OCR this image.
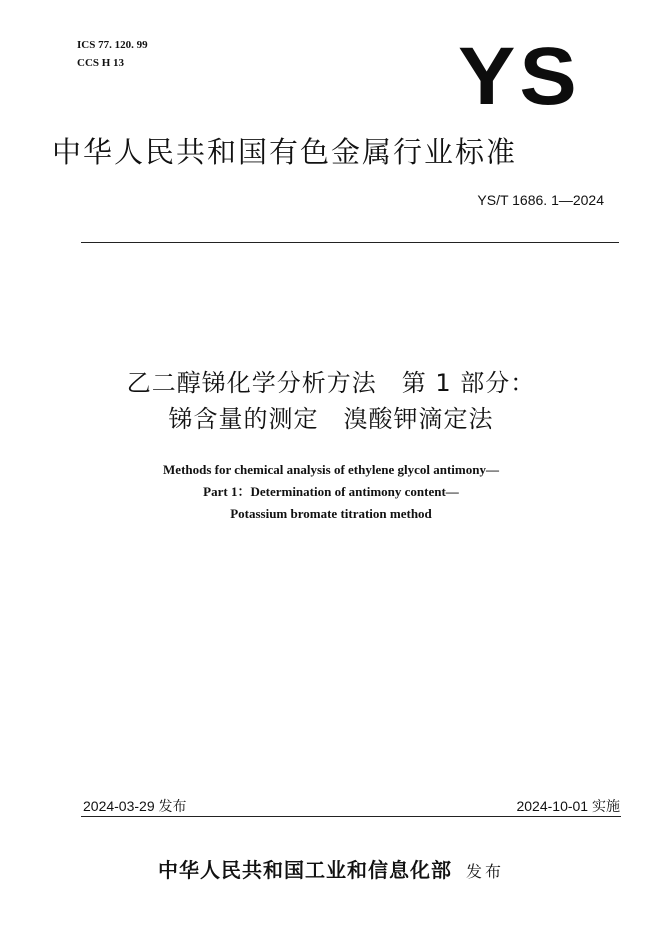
ICS 77. 120. 99
CCS H 13	YS
中华人民共和国有色金属行业标准
YS/T 1686. 1—2024
乙二醇锑化学分析方法　第 1 部分：
锑含量的测定　溴酸钾滴定法
Methods for chemical analysis of ethylene glycol antimony—
Part 1：Determination of antimony content—
Potassium bromate titration method
2024-03-29 发布	2024-10-01 实施
中华人民共和国工业和信息化部 发布
